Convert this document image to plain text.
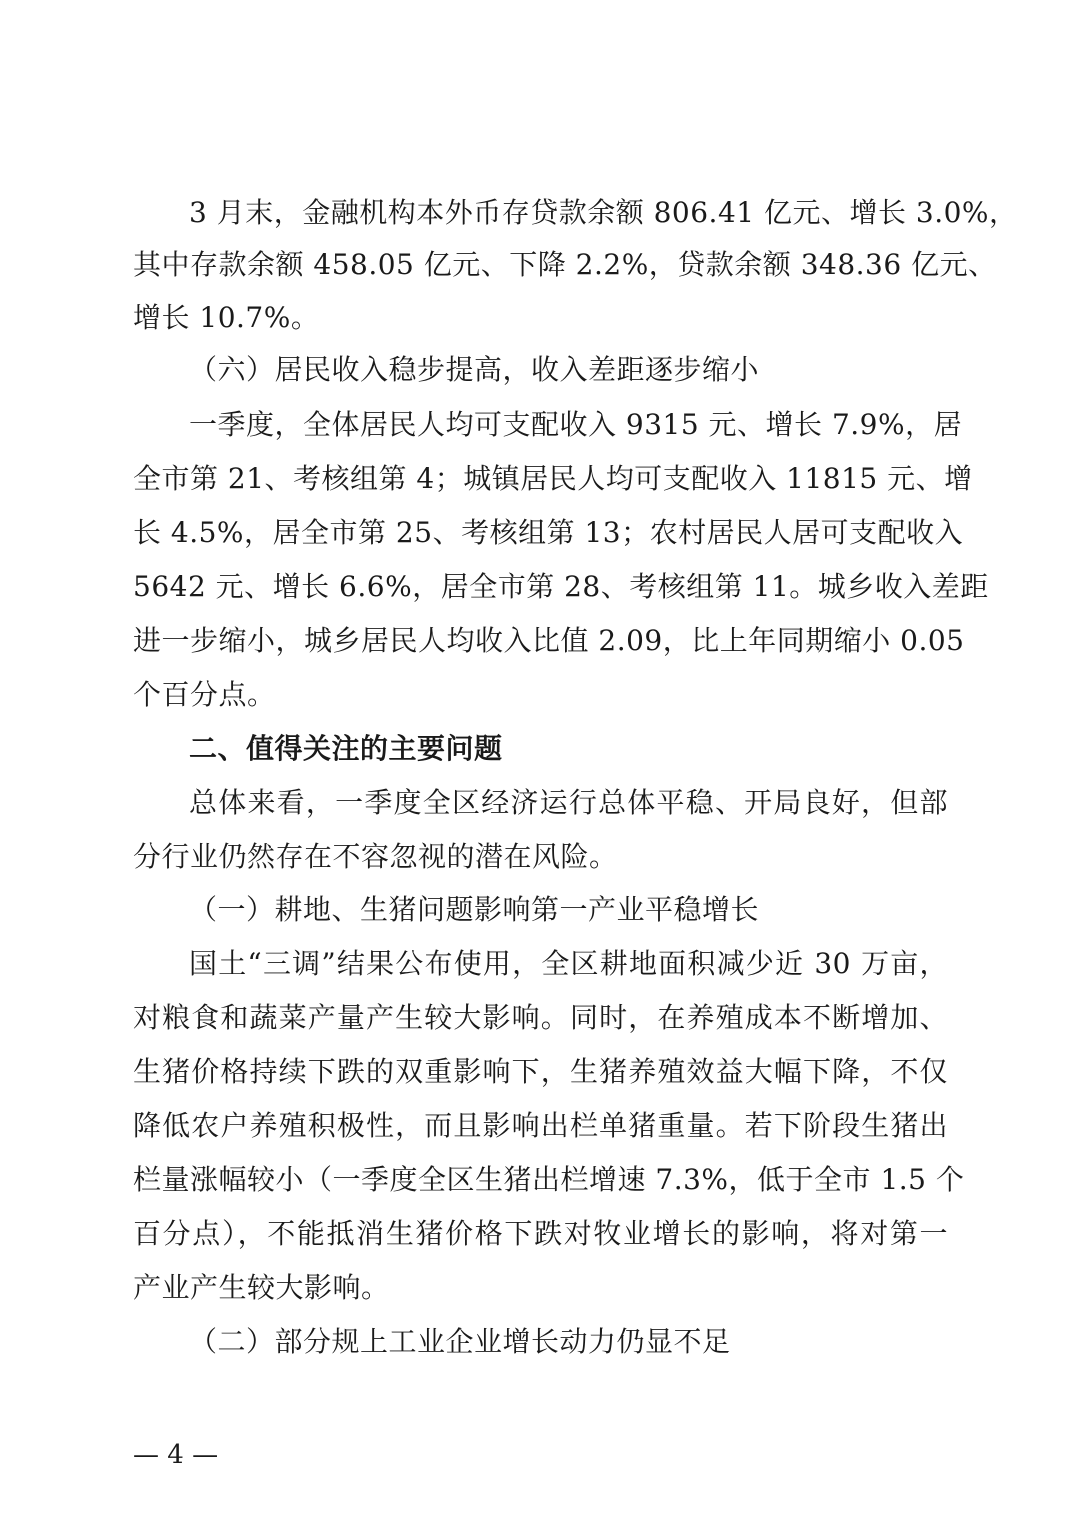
3 月末，金融机构本外币存贷款余额 806.41 亿元、增长 3.0%，
其中存款余额 458.05 亿元、下降 2.2%，贷款余额 348.36 亿元、
增长 10.7%。
（六）居民收入稳步提高，收入差距逐步缩小
一季度，全体居民人均可支配收入 9315 元、增长 7.9%，居
全市第 21、考核组第 4；城镇居民人均可支配收入 11815 元、增
长 4.5%，居全市第 25、考核组第 13；农村居民人居可支配收入
5642 元、增长 6.6%，居全市第 28、考核组第 11。城乡收入差距
进一步缩小，城乡居民人均收入比值 2.09，比上年同期缩小 0.05
个百分点。
二、值得关注的主要问题
总体来看，一季度全区经济运行总体平稳、开局良好，但部
分行业仍然存在不容忽视的潜在风险。
（一）耕地、生猪问题影响第一产业平稳增长
国土“三调”结果公布使用，全区耕地面积减少近 30 万亩，
对粮食和蔬菜产量产生较大影响。同时，在养殖成本不断增加、
生猪价格持续下跌的双重影响下，生猪养殖效益大幅下降，不仅
降低农户养殖积极性，而且影响出栏单猪重量。若下阶段生猪出
栏量涨幅较小（一季度全区生猪出栏增速 7.3%，低于全市 1.5 个
百分点），不能抵消生猪价格下跌对牧业增长的影响，将对第一
产业产生较大影响。
（二）部分规上工业企业增长动力仍显不足
— 4 —
